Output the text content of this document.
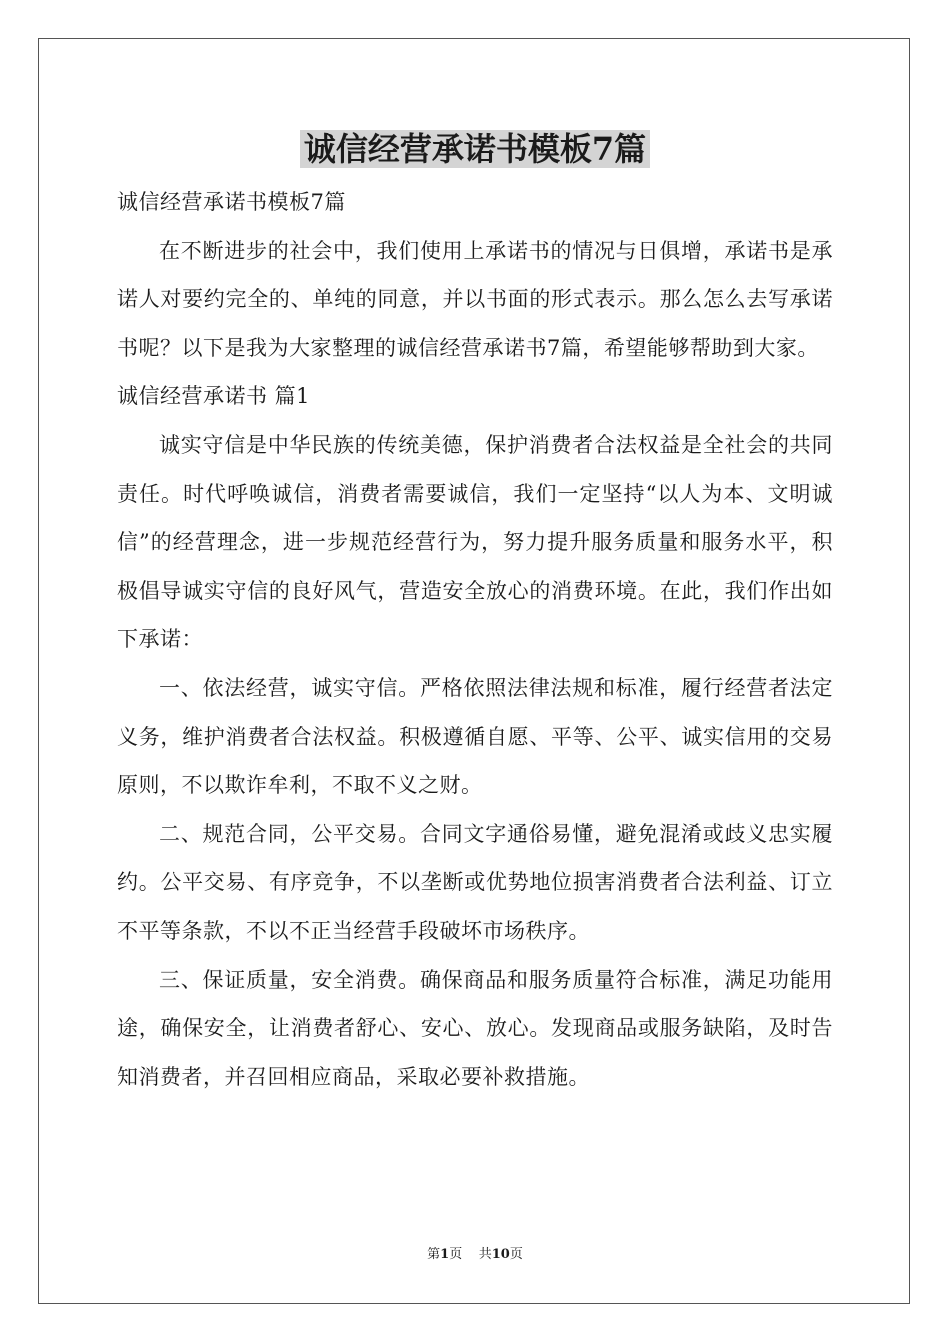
诚信经营承诺书模板7篇

诚信经营承诺书模板7篇

在不断进步的社会中，我们使用上承诺书的情况与日俱增，承诺书是承诺人对要约完全的、单纯的同意，并以书面的形式表示。那么怎么去写承诺书呢？以下是我为大家整理的诚信经营承诺书7篇，希望能够帮助到大家。

诚信经营承诺书 篇1

诚实守信是中华民族的传统美德，保护消费者合法权益是全社会的共同责任。时代呼唤诚信，消费者需要诚信，我们一定坚持“以人为本、文明诚信”的经营理念，进一步规范经营行为，努力提升服务质量和服务水平，积极倡导诚实守信的良好风气，营造安全放心的消费环境。在此，我们作出如下承诺：

一、依法经营，诚实守信。严格依照法律法规和标准，履行经营者法定义务，维护消费者合法权益。积极遵循自愿、平等、公平、诚实信用的交易原则，不以欺诈牟利，不取不义之财。

二、规范合同，公平交易。合同文字通俗易懂，避免混淆或歧义忠实履约。公平交易、有序竞争，不以垄断或优势地位损害消费者合法利益、订立不平等条款，不以不正当经营手段破坏市场秩序。

三、保证质量，安全消费。确保商品和服务质量符合标准，满足功能用途，确保安全，让消费者舒心、安心、放心。发现商品或服务缺陷，及时告知消费者，并召回相应商品，采取必要补救措施。

第1页 共10页
